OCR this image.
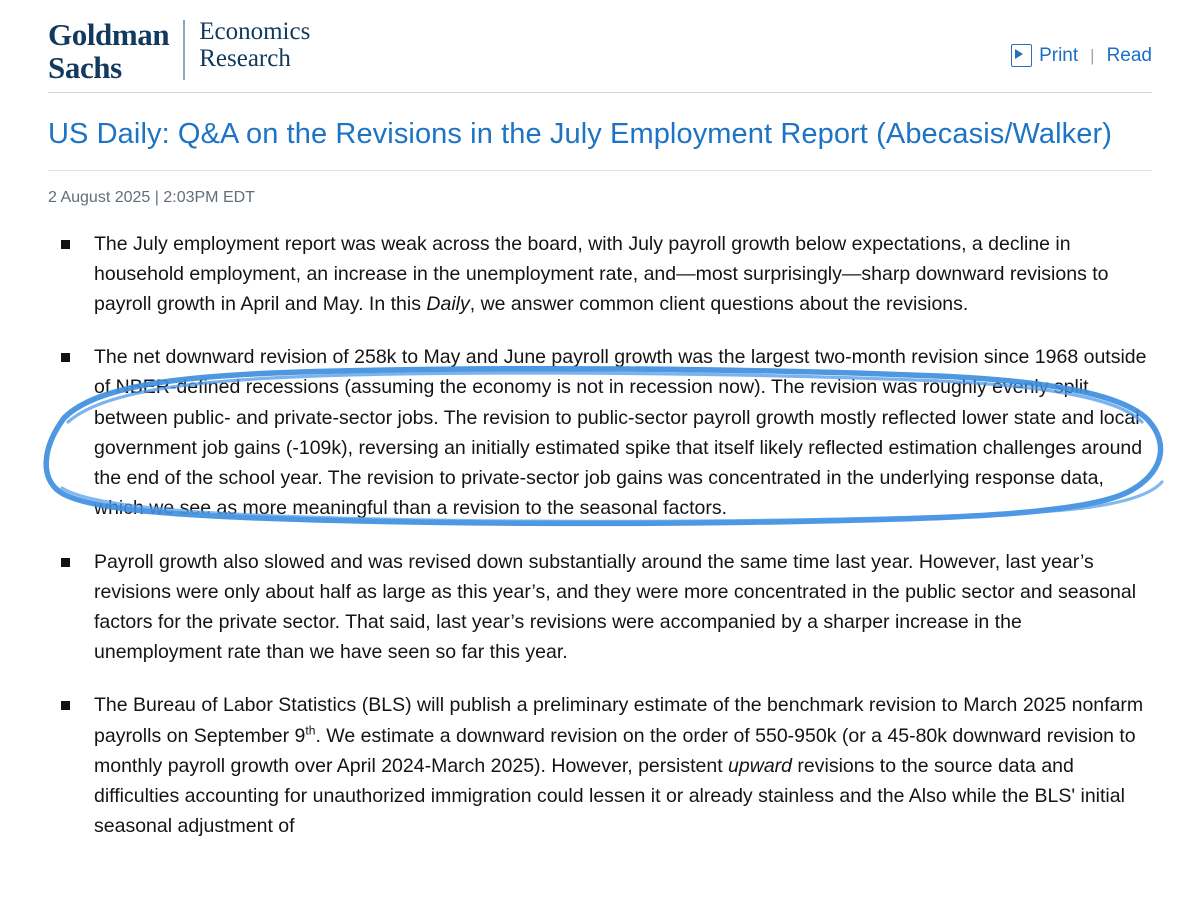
Goldman
Sachs
Economics
Research	Print | Read
US Daily: Q&A on the Revisions in the July Employment Report (Abecasis/Walker)
2 August 2025 | 2:03PM EDT
The July employment report was weak across the board, with July payroll growth below expectations, a decline in household employment, an increase in the unemployment rate, and—most surprisingly—sharp downward revisions to payroll growth in April and May. In this Daily, we answer common client questions about the revisions.
The net downward revision of 258k to May and June payroll growth was the largest two-month revision since 1968 outside of NBER-defined recessions (assuming the economy is not in recession now). The revision was roughly evenly split between public- and private-sector jobs. The revision to public-sector payroll growth mostly reflected lower state and local government job gains (-109k), reversing an initially estimated spike that itself likely reflected estimation challenges around the end of the school year. The revision to private-sector job gains was concentrated in the underlying response data, which we see as more meaningful than a revision to the seasonal factors.
Payroll growth also slowed and was revised down substantially around the same time last year. However, last year’s revisions were only about half as large as this year’s, and they were more concentrated in the public sector and seasonal factors for the private sector. That said, last year’s revisions were accompanied by a sharper increase in the unemployment rate than we have seen so far this year.
The Bureau of Labor Statistics (BLS) will publish a preliminary estimate of the benchmark revision to March 2025 nonfarm payrolls on September 9th. We estimate a downward revision on the order of 550-950k (or a 45-80k downward revision to monthly payroll growth over April 2024-March 2025). However, persistent upward revisions to the source data and difficulties accounting for unauthorized immigration could lessen it or already stainless and the Also while the BLS' initial seasonal adjustment of
